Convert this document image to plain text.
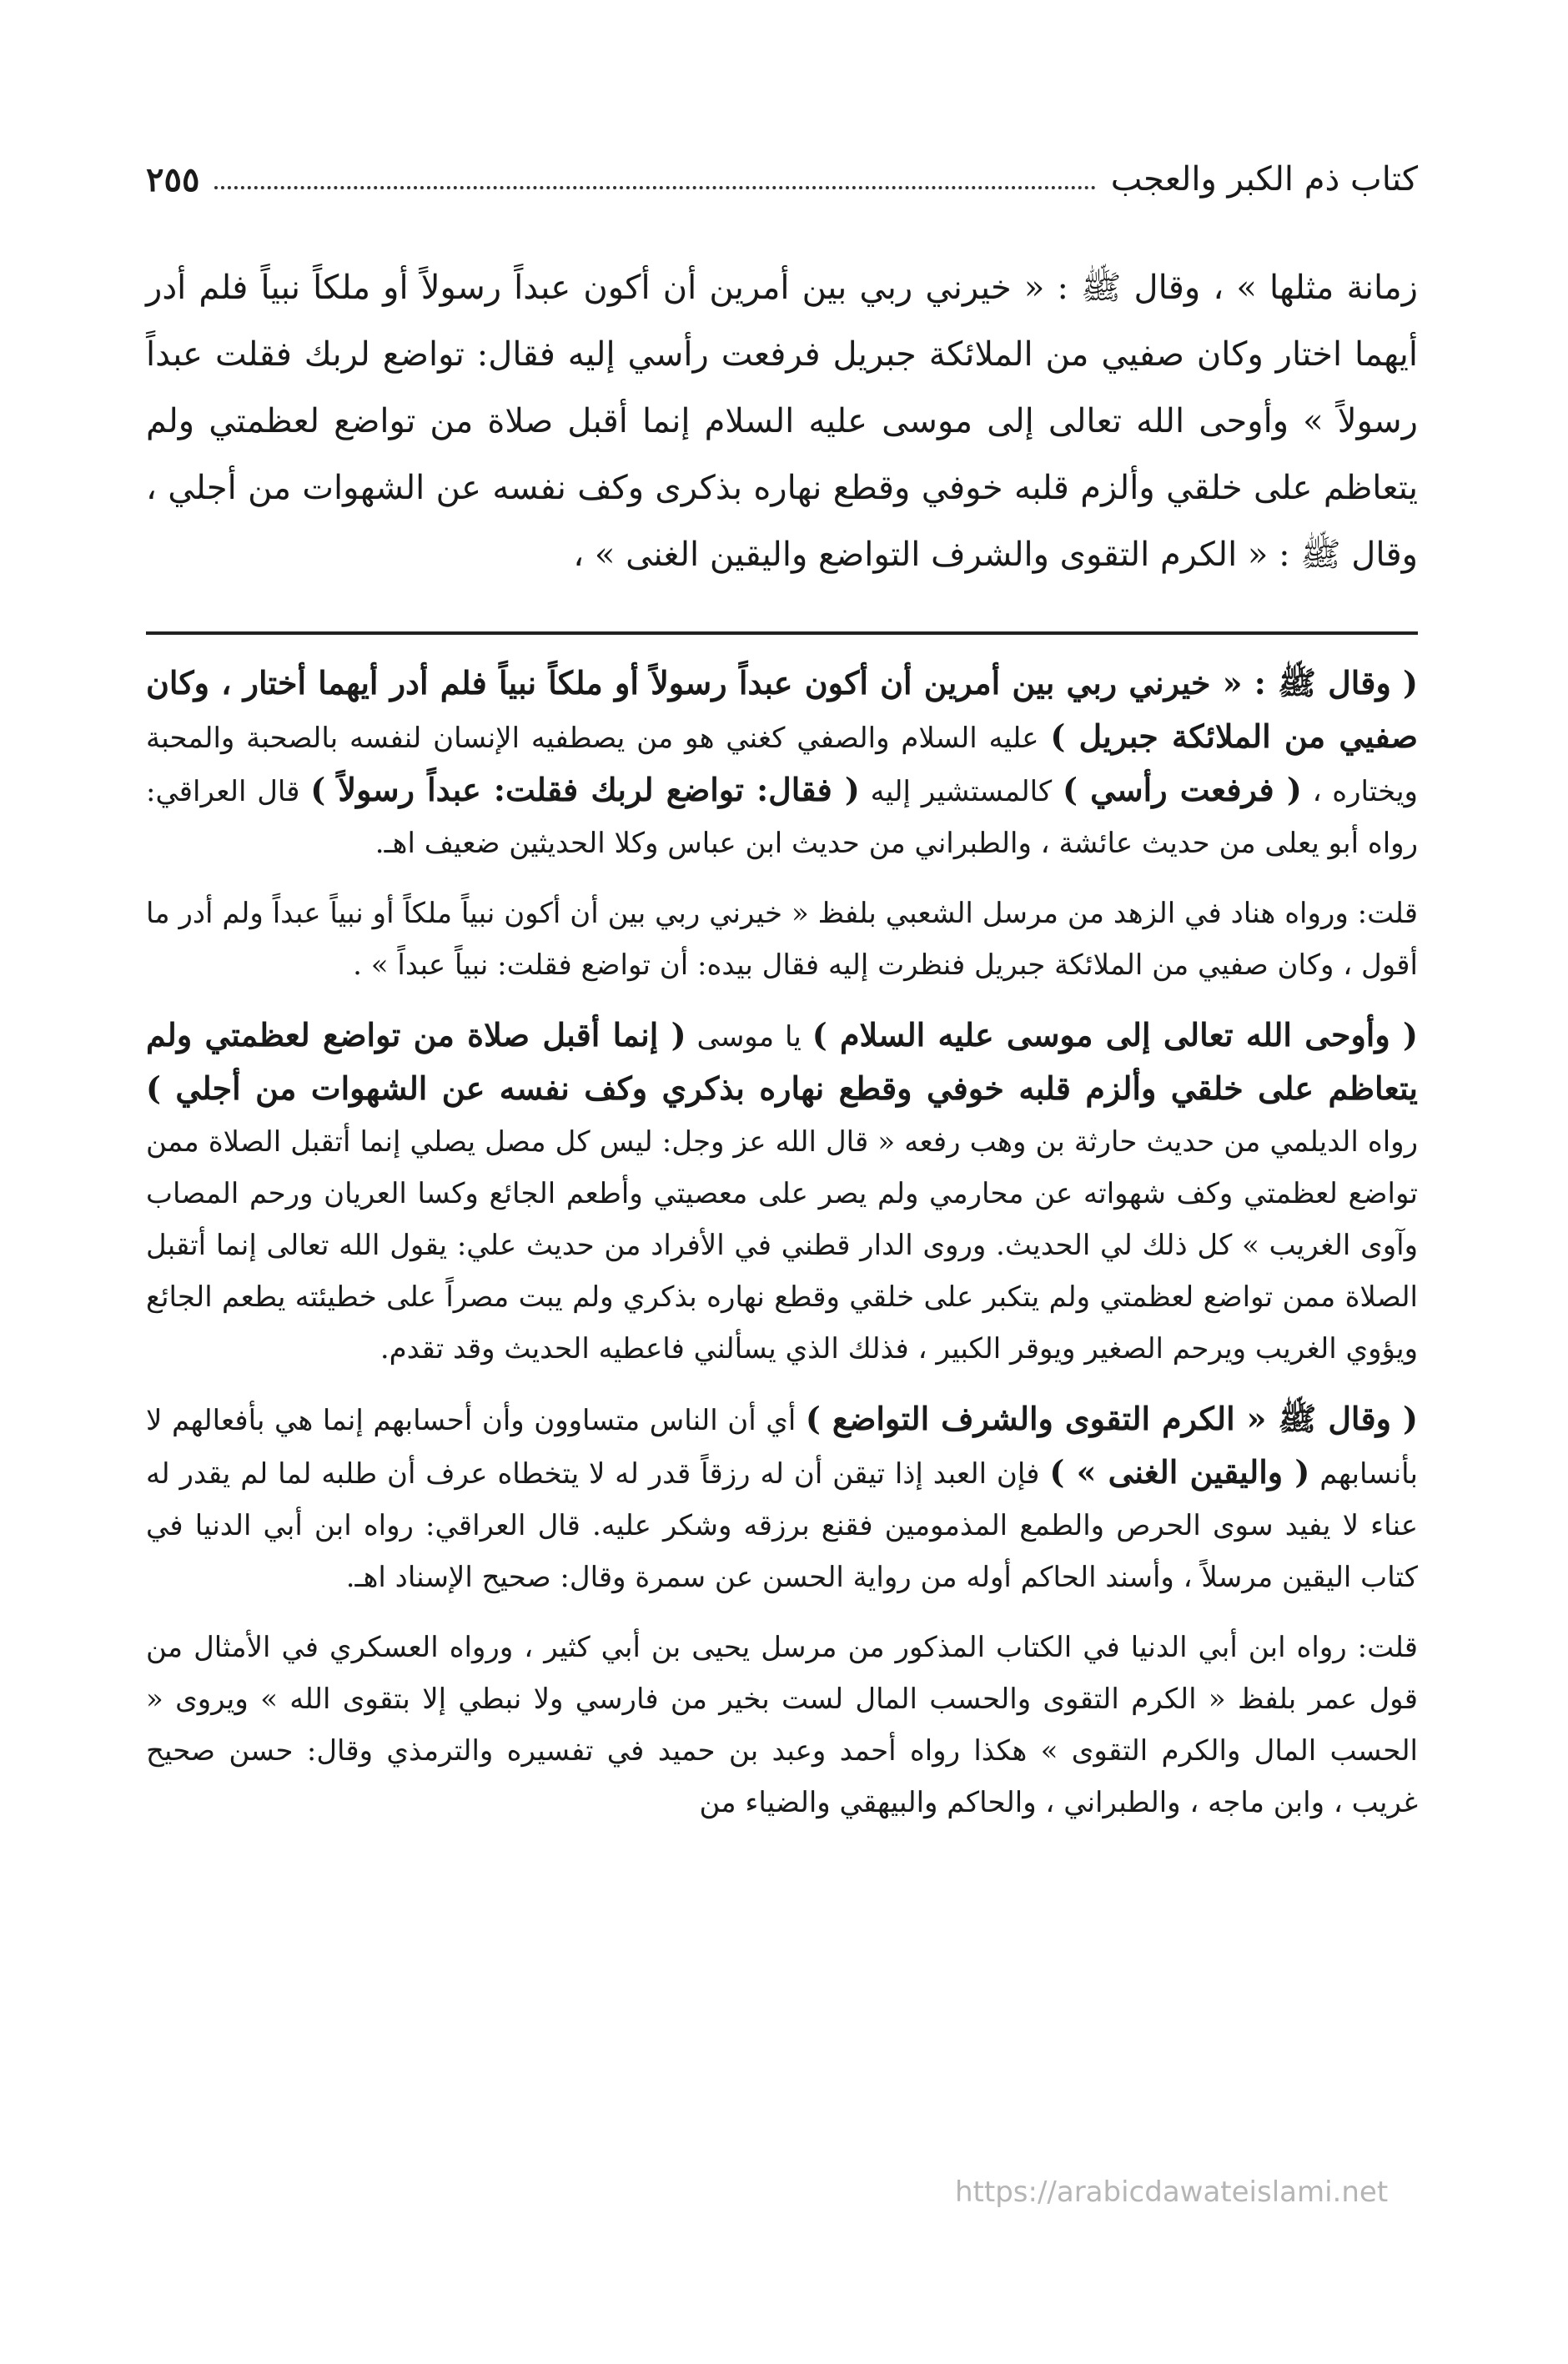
كتاب ذم الكبر والعجب
٢٥٥

زمانة مثلها » ، وقال ﷺ : « خيرني ربي بين أمرين أن أكون عبداً رسولاً أو ملكاً نبياً فلم أدر أيهما اختار وكان صفيي من الملائكة جبريل فرفعت رأسي إليه فقال: تواضع لربك فقلت عبداً رسولاً » وأوحى الله تعالى إلى موسى عليه السلام إنما أقبل صلاة من تواضع لعظمتي ولم يتعاظم على خلقي وألزم قلبه خوفي وقطع نهاره بذكرى وكف نفسه عن الشهوات من أجلي ، وقال ﷺ : « الكرم التقوى والشرف التواضع واليقين الغنى » ،

( وقال ﷺ : « خيرني ربي بين أمرين أن أكون عبداً رسولاً أو ملكاً نبياً فلم أدر أيهما أختار ، وكان صفيي من الملائكة جبريل ) عليه السلام والصفي كغني هو من يصطفيه الإنسان لنفسه بالصحبة والمحبة ويختاره ، ( فرفعت رأسي ) كالمستشير إليه ( فقال: تواضع لربك فقلت: عبداً رسولاً ) قال العراقي: رواه أبو يعلى من حديث عائشة ، والطبراني من حديث ابن عباس وكلا الحديثين ضعيف اهـ.

قلت: ورواه هناد في الزهد من مرسل الشعبي بلفظ « خيرني ربي بين أن أكون نبياً ملكاً أو نبياً عبداً ولم أدر ما أقول ، وكان صفيي من الملائكة جبريل فنظرت إليه فقال بيده: أن تواضع فقلت: نبياً عبداً » .

( وأوحى الله تعالى إلى موسى عليه السلام ) يا موسى ( إنما أقبل صلاة من تواضع لعظمتي ولم يتعاظم على خلقي وألزم قلبه خوفي وقطع نهاره بذكري وكف نفسه عن الشهوات من أجلي ) رواه الديلمي من حديث حارثة بن وهب رفعه « قال الله عز وجل: ليس كل مصل يصلي إنما أتقبل الصلاة ممن تواضع لعظمتي وكف شهواته عن محارمي ولم يصر على معصيتي وأطعم الجائع وكسا العريان ورحم المصاب وآوى الغريب » كل ذلك لي الحديث. وروى الدار قطني في الأفراد من حديث علي: يقول الله تعالى إنما أتقبل الصلاة ممن تواضع لعظمتي ولم يتكبر على خلقي وقطع نهاره بذكري ولم يبت مصراً على خطيئته يطعم الجائع ويؤوي الغريب ويرحم الصغير ويوقر الكبير ، فذلك الذي يسألني فاعطيه الحديث وقد تقدم.

( وقال ﷺ « الكرم التقوى والشرف التواضع ) أي أن الناس متساوون وأن أحسابهم إنما هي بأفعالهم لا بأنسابهم ( واليقين الغنى » ) فإن العبد إذا تيقن أن له رزقاً قدر له لا يتخطاه عرف أن طلبه لما لم يقدر له عناء لا يفيد سوى الحرص والطمع المذمومين فقنع برزقه وشكر عليه. قال العراقي: رواه ابن أبي الدنيا في كتاب اليقين مرسلاً ، وأسند الحاكم أوله من رواية الحسن عن سمرة وقال: صحيح الإسناد اهـ.

قلت: رواه ابن أبي الدنيا في الكتاب المذكور من مرسل يحيى بن أبي كثير ، ورواه العسكري في الأمثال من قول عمر بلفظ « الكرم التقوى والحسب المال لست بخير من فارسي ولا نبطي إلا بتقوى الله » ويروى « الحسب المال والكرم التقوى » هكذا رواه أحمد وعبد بن حميد في تفسيره والترمذي وقال: حسن صحيح غريب ، وابن ماجه ، والطبراني ، والحاكم والبيهقي والضياء من

https://arabicdawateislami.net
